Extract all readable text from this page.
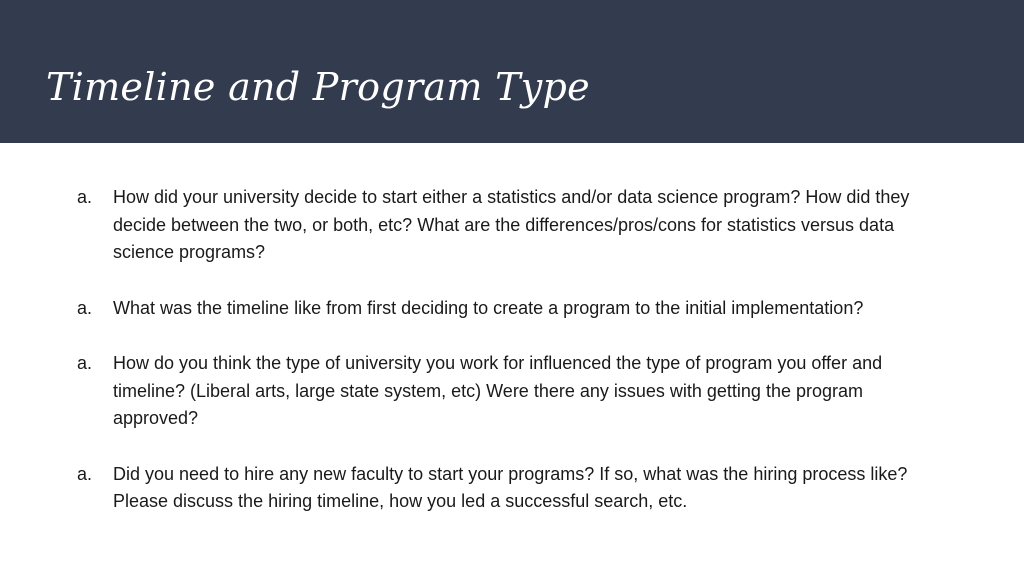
Timeline and Program Type
a. How did your university decide to start either a statistics and/or data science program? How did they decide between the two, or both, etc? What are the differences/pros/cons for statistics versus data science programs?
a. What was the timeline like from first deciding to create a program to the initial implementation?
a. How do you think the type of university you work for influenced the type of program you offer and timeline? (Liberal arts, large state system, etc) Were there any issues with getting the program approved?
a. Did you need to hire any new faculty to start your programs? If so, what was the hiring process like? Please discuss the hiring timeline, how you led a successful search, etc.
